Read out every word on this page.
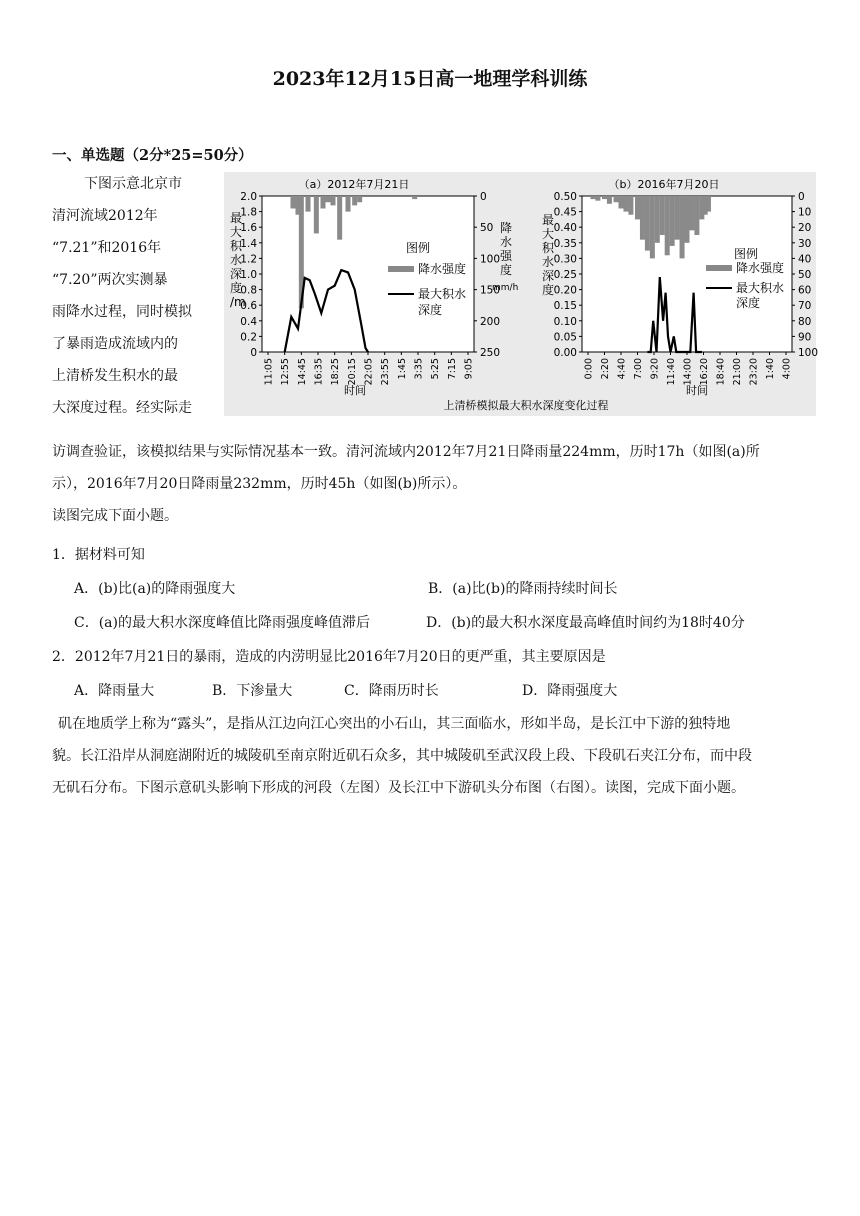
2023年12月15日高一地理学科训练
一、单选题（2分*25=50分）
下图示意北京市
清河流域2012年
“7.21”和2016年
“7.20”两次实测暴
雨降水过程，同时模拟
了暴雨造成流域内的
上清桥发生积水的最
大深度过程。经实际走
（a）2012年7月21日
2.0
1.8
1.6
1.4
1.2
1.0
0.8
0.6
0.4
0.2
0
0
50
100
150
200
250
11:05 12:55 14:45 16:35 18:25 20:15 22:05 23:55 1:45 3:35 5:25 7:15 9:05
最大积水深度/m
降水强度 mm/h
时间
图例
降水强度
最大积水
深度
（b）2016年7月20日
0.50
0.45
0.40
0.35
0.30
0.25
0.20
0.15
0.10
0.05
0.00
0
10
20
30
40
50
60
70
80
90
100
0:00 2:20 4:40 7:00 9:20 11:40 14:00 16:20 18:40 21:00 23:20 1:40 4:00
最大积水深度
时间
图例
降水强度
最大积水
深度
上清桥模拟最大积水深度变化过程
访调查验证，该模拟结果与实际情况基本一致。清河流域内2012年7月21日降雨量224mm，历时17h（如图(a)所
示），2016年7月20日降雨量232mm，历时45h（如图(b)所示）。
读图完成下面小题。
1．据材料可知
A．(b)比(a)的降雨强度大	B．(a)比(b)的降雨持续时间长
C．(a)的最大积水深度峰值比降雨强度峰值滞后	D．(b)的最大积水深度最高峰值时间约为18时40分
2．2012年7月21日的暴雨，造成的内涝明显比2016年7月20日的更严重，其主要原因是
A．降雨量大	B．下渗量大	C．降雨历时长	D．降雨强度大
矶在地质学上称为“露头”，是指从江边向江心突出的小石山，其三面临水，形如半岛，是长江中下游的独特地
貌。长江沿岸从洞庭湖附近的城陵矶至南京附近矶石众多，其中城陵矶至武汉段上段、下段矶石夹江分布，而中段
无矶石分布。下图示意矶头影响下形成的河段（左图）及长江中下游矶头分布图（右图）。读图，完成下面小题。
